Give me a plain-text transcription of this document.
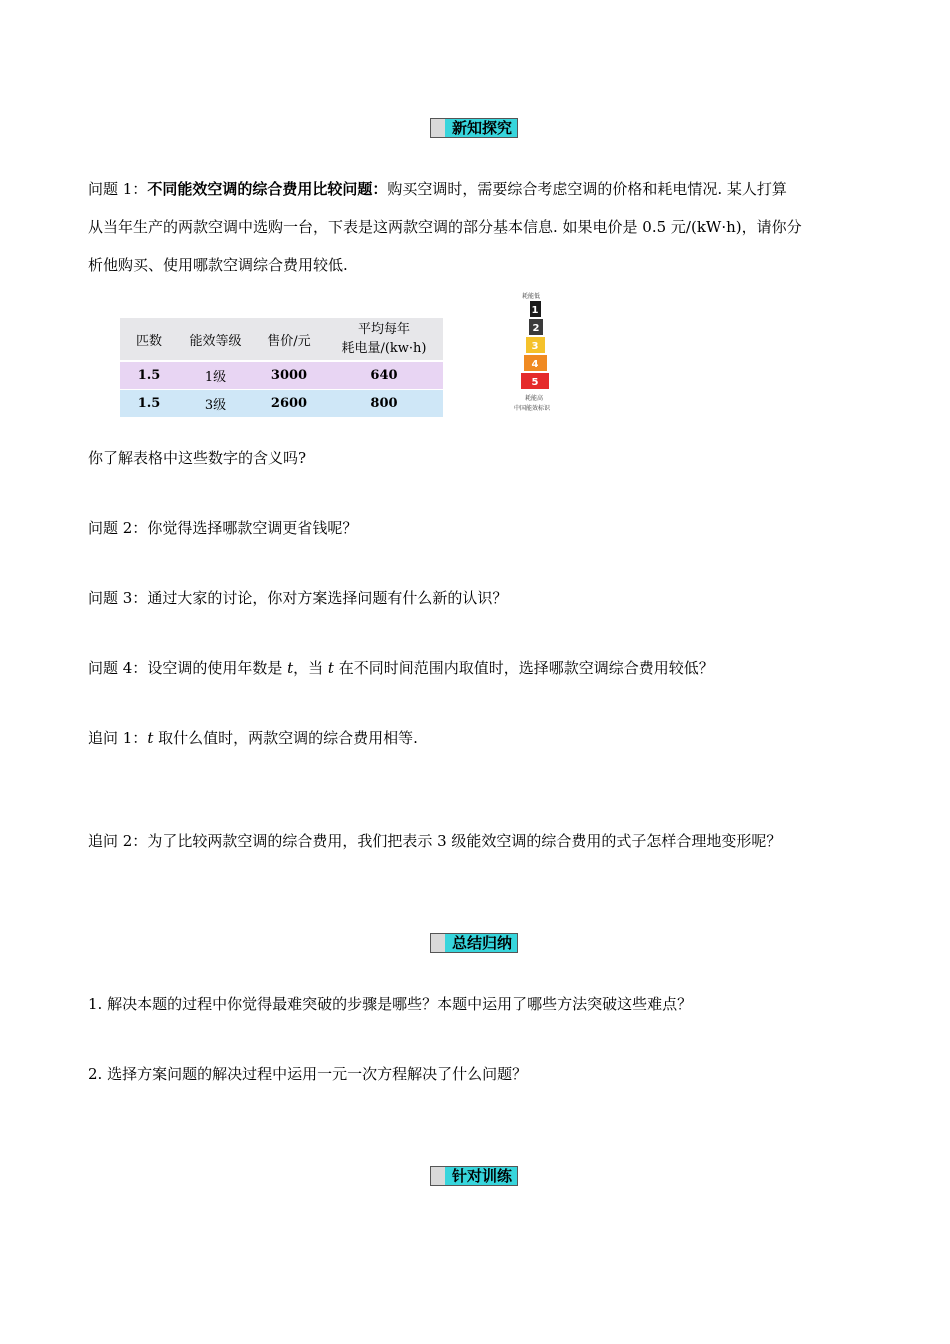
新知探究
问题 1：不同能效空调的综合费用比较问题：购买空调时，需要综合考虑空调的价格和耗电情况. 某人打算
从当年生产的两款空调中选购一台，下表是这两款空调的部分基本信息. 如果电价是 0.5 元/(kW·h)，请你分
析他购买、使用哪款空调综合费用较低.
匹数	能效等级	售价/元	平均每年
耗电量/(kw·h)

1.5	1级	3000	640
1.5	3级	2600	800
耗能低
1
2
3
4
5
耗能高
中国能效标识
你了解表格中这些数字的含义吗?
问题 2：你觉得选择哪款空调更省钱呢？
问题 3：通过大家的讨论，你对方案选择问题有什么新的认识？
问题 4：设空调的使用年数是 t，当 t 在不同时间范围内取值时，选择哪款空调综合费用较低？
追问 1：t 取什么值时，两款空调的综合费用相等.
追问 2：为了比较两款空调的综合费用，我们把表示 3 级能效空调的综合费用的式子怎样合理地变形呢？
总结归纳
1. 解决本题的过程中你觉得最难突破的步骤是哪些？本题中运用了哪些方法突破这些难点？
2. 选择方案问题的解决过程中运用一元一次方程解决了什么问题？
针对训练
